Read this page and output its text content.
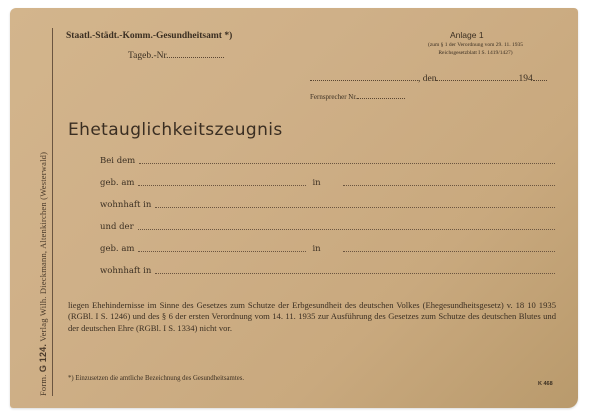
Form. G 124. Verlag Wilh. Dieckmann, Altenkirchen (Westerwald)
Staatl.-Städt.-Komm.-Gesundheitsamt *)
Tageb.-Nr.
Anlage 1
(zum § 1 der Verordnung vom 29. 11. 1935
Reichsgesetzblatt I S. 1419/1427)
, den	194
Fernsprecher Nr.
Ehetauglichkeitszeugnis
Bei dem
geb. am	in
wohnhaft in
und der
geb. am	in
wohnhaft in
liegen Ehehindernisse im Sinne des Gesetzes zum Schutze der Erbgesundheit des deutschen Volkes (Ehegesundheitsgesetz) v. 18 10 1935 (RGBl. I S. 1246) und des § 6 der ersten Verordnung vom 14. 11. 1935 zur Ausführung des Gesetzes zum Schutze des deutschen Blutes und der deutschen Ehre (RGBl. I S. 1334) nicht vor.
*) Einzusetzen die amtliche Bezeichnung des Gesundheitsamtes.
K 468
